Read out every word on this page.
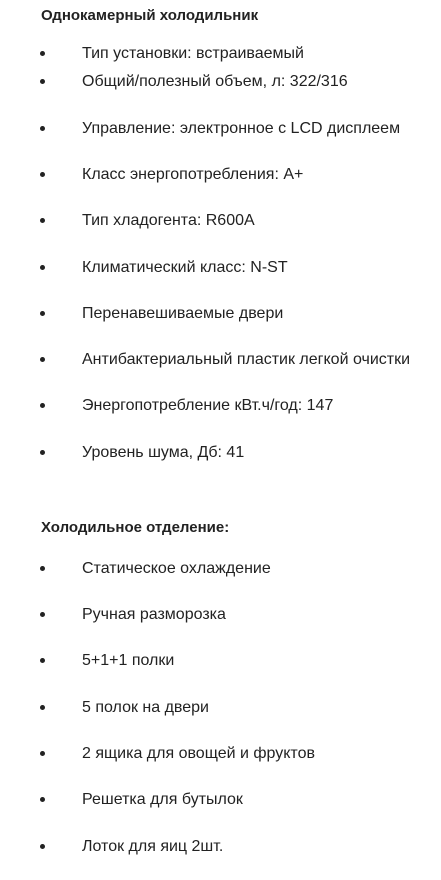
Однокамерный холодильник
Тип установки: встраиваемый
Общий/полезный объем, л: 322/316
Управление: электронное с LCD дисплеем
Класс энергопотребления: A+
Тип хладогента: R600A
Климатический класс: N-ST
Перенавешиваемые двери
Антибактериальный пластик легкой очистки
Энергопотребление кВт.ч/год: 147
Уровень шума, Дб: 41
Холодильное отделение:
Статическое охлаждение
Ручная разморозка
5+1+1 полки
5 полок на двери
2 ящика для овощей и фруктов
Решетка для бутылок
Лоток для яиц 2шт.
